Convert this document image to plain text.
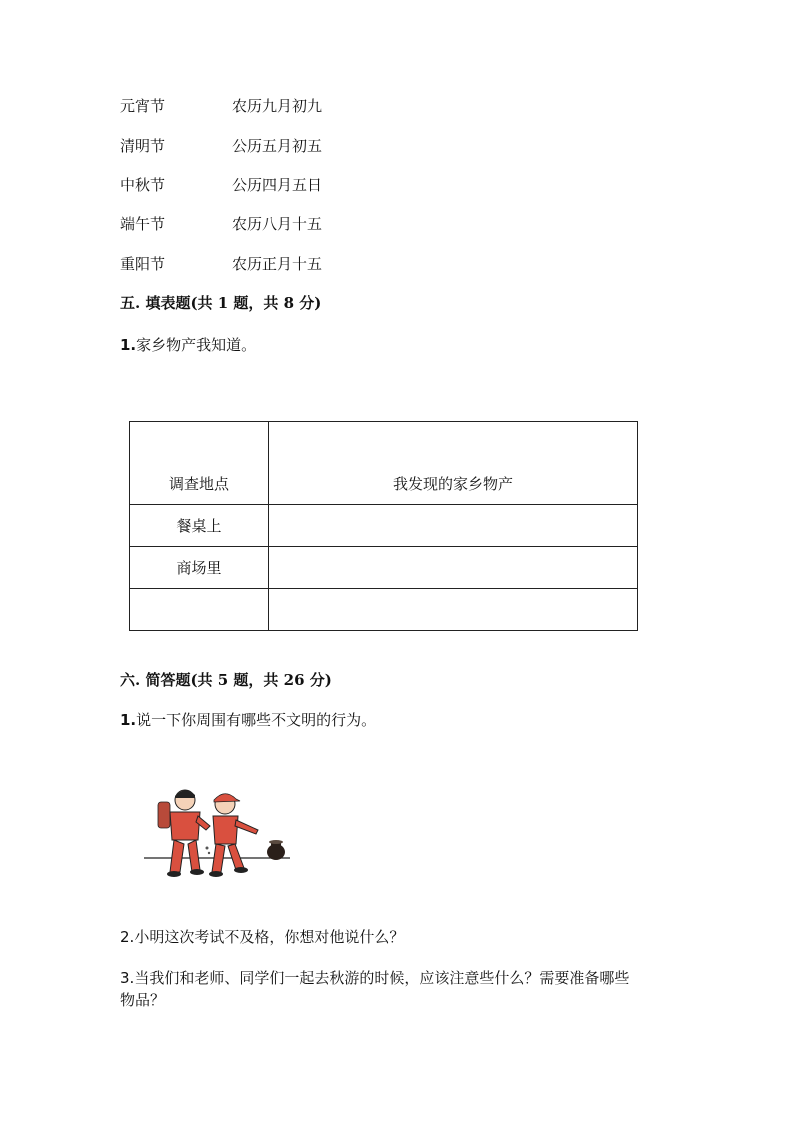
元宵节	农历九月初九
清明节	公历五月初五
中秋节	公历四月五日
端午节	农历八月十五
重阳节	农历正月十五
五. 填表题(共 1 题，共 8 分)
1.家乡物产我知道。
调查地点	我发现的家乡物产
餐桌上	
商场里	

六. 简答题(共 5 题，共 26 分)
1.说一下你周围有哪些不文明的行为。
2.小明这次考试不及格，你想对他说什么？
3.当我们和老师、同学们一起去秋游的时候，应该注意些什么？需要准备哪些
物品？
